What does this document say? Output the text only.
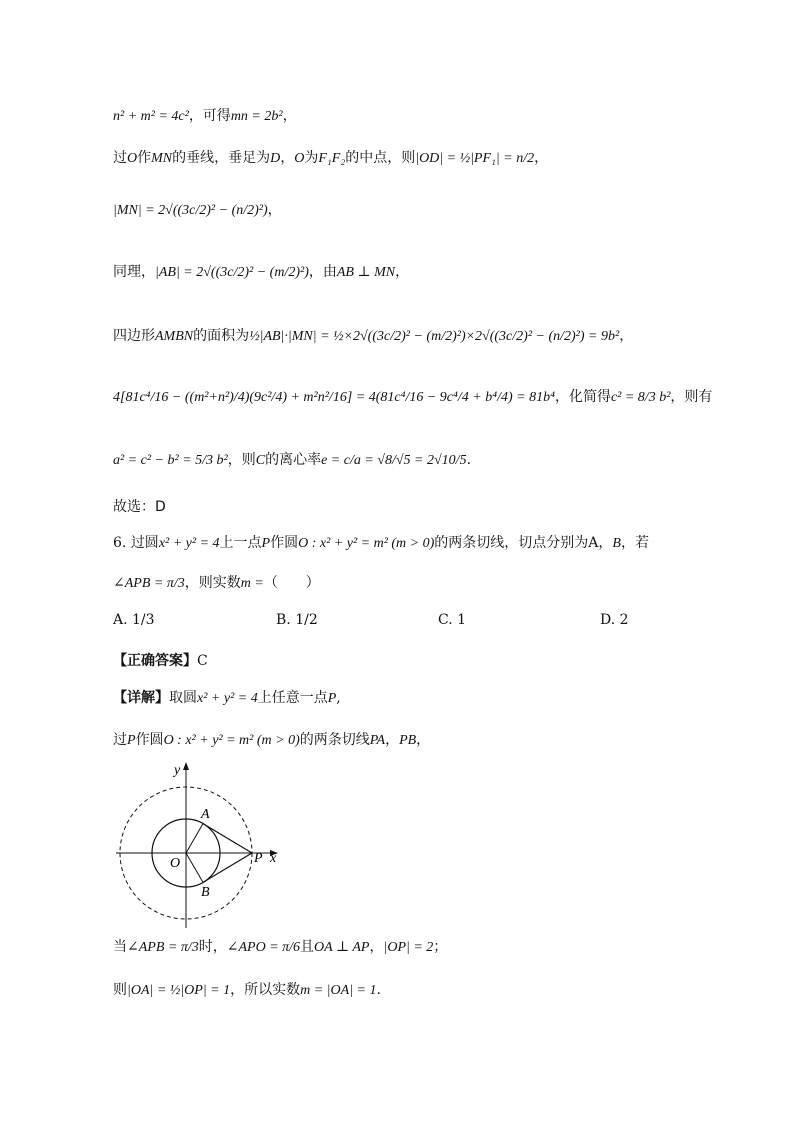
n² + m² = 4c²，可得mn = 2b²，
过O作MN的垂线，垂足为D，O为F₁F₂的中点，则|OD| = ½|PF₁| = n/2，
|MN| = 2√((3c/2)² − (n/2)²)，
同理，|AB| = 2√((3c/2)² − (m/2)²)，由AB ⊥ MN，
四边形AMBN的面积为½|AB|·|MN| = ½×2√((3c/2)² − (m/2)²)×2√((3c/2)² − (n/2)²) = 9b²，
4[81c⁴/16 − ((m²+n²)/4)(9c²/4) + m²n²/16] = 4(81c⁴/16 − 9c⁴/4 + b⁴/4) = 81b⁴，化简得c² = 8/3 b²，则有
a² = c² − b² = 5/3 b²，则C的离心率e = c/a = √8/√5 = 2√10/5.
故选：D
6. 过圆x² + y² = 4上一点P作圆O : x² + y² = m² (m > 0)的两条切线，切点分别为A，B，若
∠APB = π/3，则实数m =（　　）
A. 1/3	B. 1/2	C. 1	D. 2
【正确答案】C
【详解】取圆x² + y² = 4上任意一点P,
过P作圆O : x² + y² = m² (m > 0)的两条切线PA，PB，
y
x
O
A
B
P
当∠APB = π/3时，∠APO = π/6且OA ⊥ AP，|OP| = 2；
则|OA| = ½|OP| = 1，所以实数m = |OA| = 1.
